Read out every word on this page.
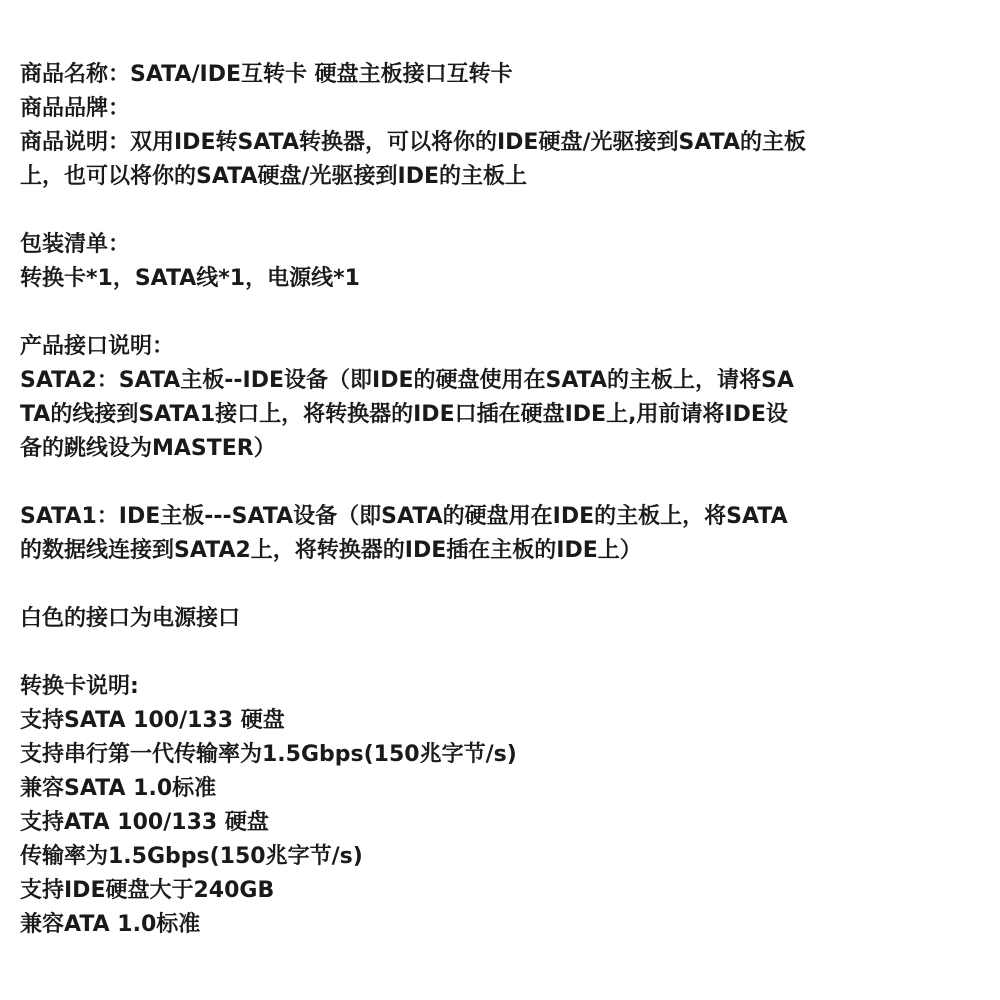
商品名称：SATA/IDE互转卡 硬盘主板接口互转卡
商品品牌：
商品说明：双用IDE转SATA转换器，可以将你的IDE硬盘/光驱接到SATA的主板
上，也可以将你的SATA硬盘/光驱接到IDE的主板上
包装清单：
转换卡*1，SATA线*1，电源线*1
产品接口说明：
SATA2：SATA主板--IDE设备（即IDE的硬盘使用在SATA的主板上，请将SA
TA的线接到SATA1接口上，将转换器的IDE口插在硬盘IDE上,用前请将IDE设
备的跳线设为MASTER）
SATA1：IDE主板---SATA设备（即SATA的硬盘用在IDE的主板上，将SATA
的数据线连接到SATA2上，将转换器的IDE插在主板的IDE上）
白色的接口为电源接口
转换卡说明:
支持SATA 100/133 硬盘
支持串行第一代传输率为1.5Gbps(150兆字节/s)
兼容SATA 1.0标准
支持ATA 100/133 硬盘
传输率为1.5Gbps(150兆字节/s)
支持IDE硬盘大于240GB
兼容ATA 1.0标准
